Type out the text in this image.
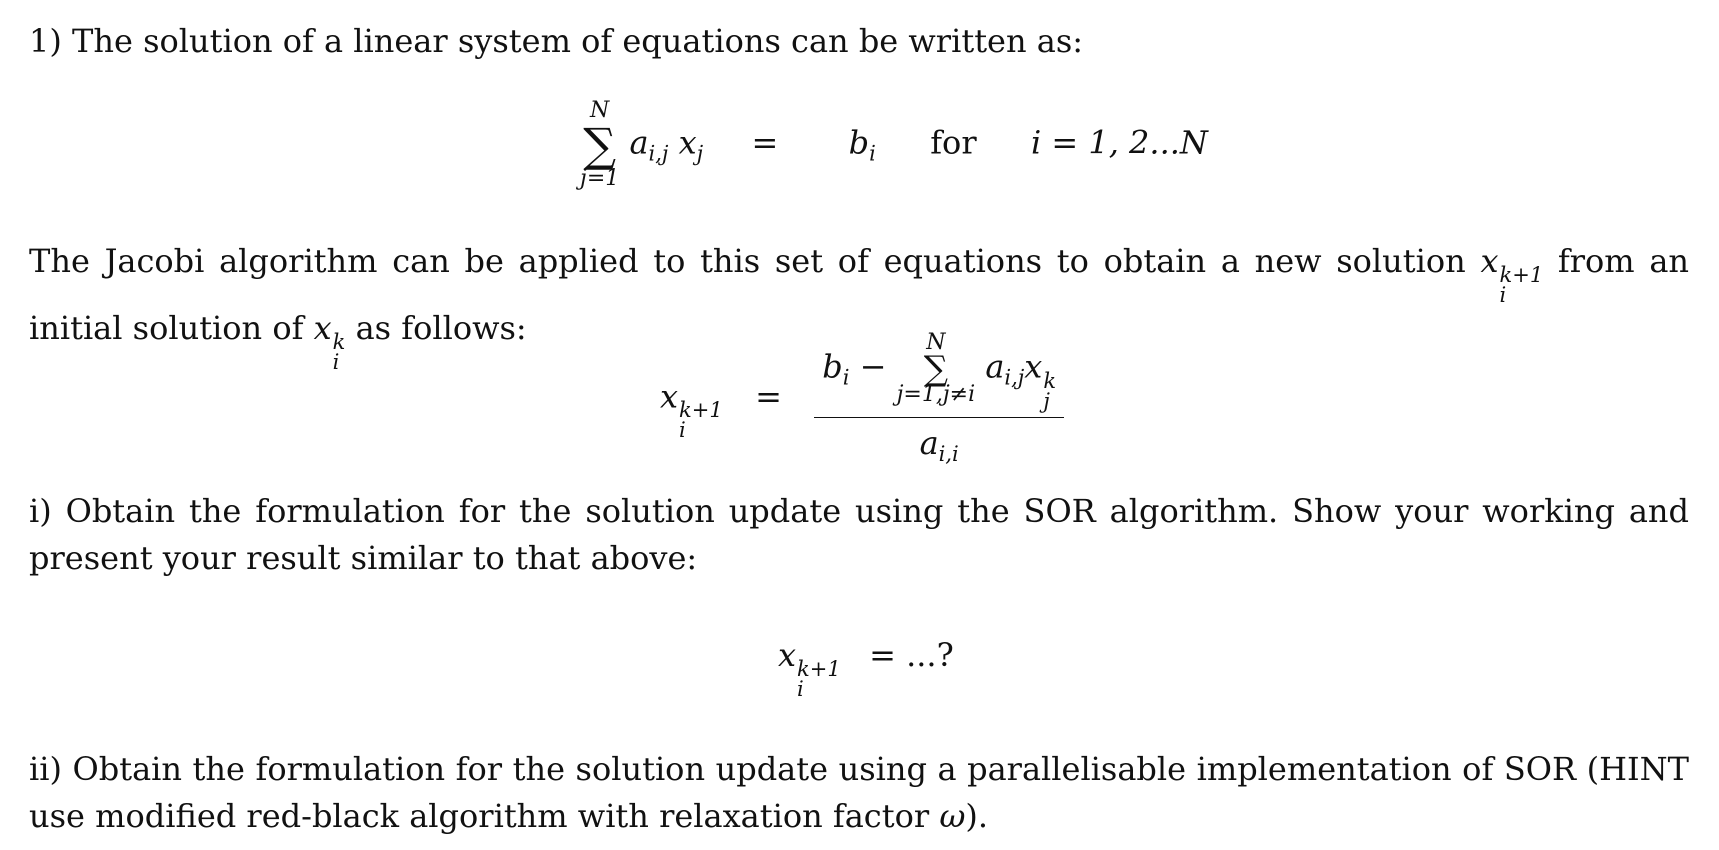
1) The solution of a linear system of equations can be written as:
N
∑
j=1
$a_{i,j}$ $x_j = b_i$ for i = 1, 2...N
The Jacobi algorithm can be applied to this set of equations to obtain a new solution x k+1
i
from an initial solution of x k
i
as follows:
x k+1
i
=
$b_i$ −
N
∑
j=1,j≠i
$a_{i,j}x$ k
j
$a_{i,i}$
i) Obtain the formulation for the solution update using the SOR algorithm. Show your working and present your result similar to that above:
x k+1
i
= ...?
ii) Obtain the formulation for the solution update using a parallelisable implementation of SOR (HINT use modified red-black algorithm with relaxation factor ω).
